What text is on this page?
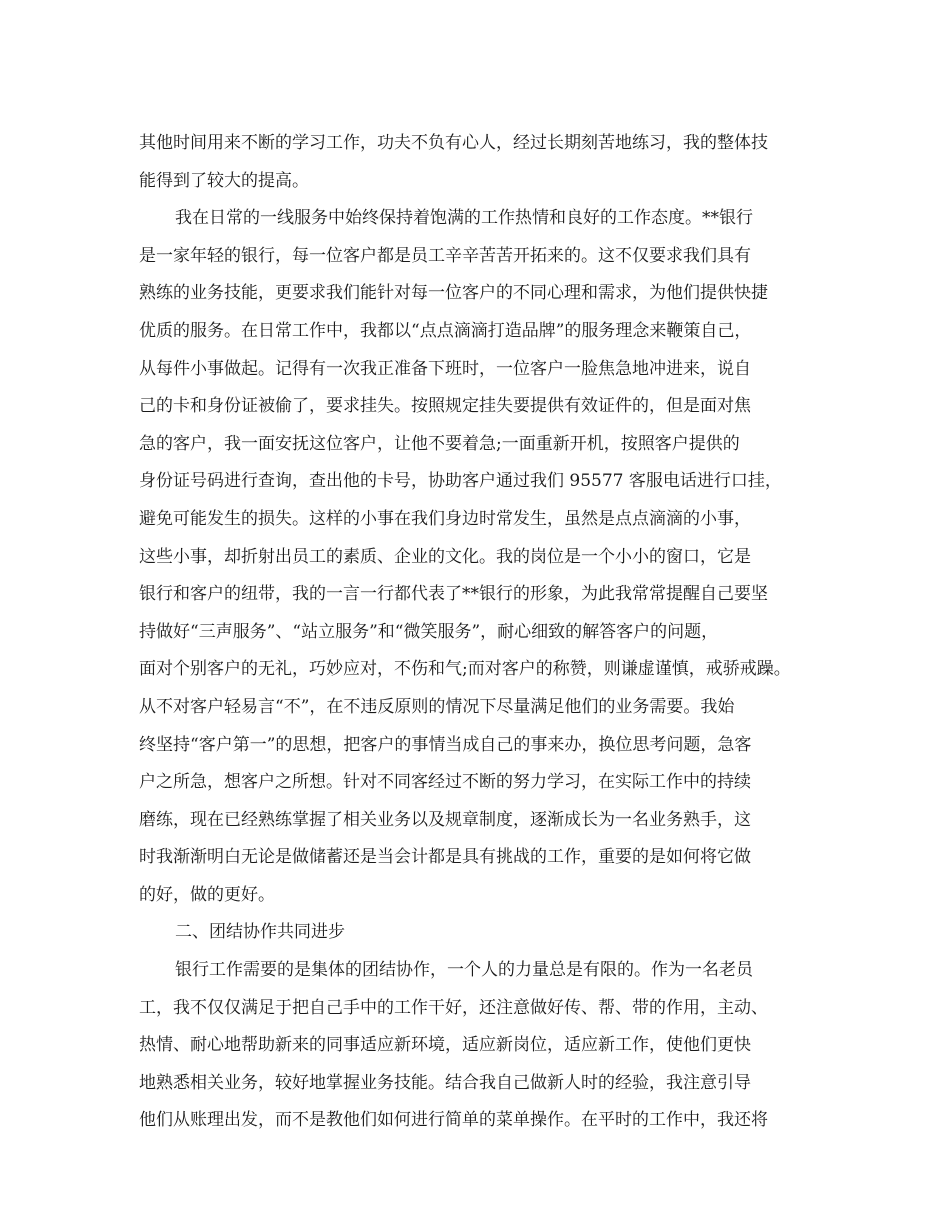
其他时间用来不断的学习工作，功夫不负有心人，经过长期刻苦地练习，我的整体技
能得到了较大的提高。
我在日常的一线服务中始终保持着饱满的工作热情和良好的工作态度。**银行
是一家年轻的银行，每一位客户都是员工辛辛苦苦开拓来的。这不仅要求我们具有
熟练的业务技能，更要求我们能针对每一位客户的不同心理和需求，为他们提供快捷
优质的服务。在日常工作中，我都以“点点滴滴打造品牌”的服务理念来鞭策自己，
从每件小事做起。记得有一次我正准备下班时，一位客户一脸焦急地冲进来，说自
己的卡和身份证被偷了，要求挂失。按照规定挂失要提供有效证件的，但是面对焦
急的客户，我一面安抚这位客户，让他不要着急;一面重新开机，按照客户提供的
身份证号码进行查询，查出他的卡号，协助客户通过我们 95577 客服电话进行口挂，
避免可能发生的损失。这样的小事在我们身边时常发生，虽然是点点滴滴的小事，
这些小事，却折射出员工的素质、企业的文化。我的岗位是一个小小的窗口，它是
银行和客户的纽带，我的一言一行都代表了**银行的形象，为此我常常提醒自己要坚
持做好“三声服务”、“站立服务”和“微笑服务”，耐心细致的解答客户的问题，
面对个别客户的无礼，巧妙应对，不伤和气;而对客户的称赞，则谦虚谨慎，戒骄戒躁。
从不对客户轻易言“不”，在不违反原则的情况下尽量满足他们的业务需要。我始
终坚持“客户第一”的思想，把客户的事情当成自己的事来办，换位思考问题，急客
户之所急，想客户之所想。针对不同客经过不断的努力学习，在实际工作中的持续
磨练，现在已经熟练掌握了相关业务以及规章制度，逐渐成长为一名业务熟手，这
时我渐渐明白无论是做储蓄还是当会计都是具有挑战的工作，重要的是如何将它做
的好，做的更好。
二、团结协作共同进步
银行工作需要的是集体的团结协作，一个人的力量总是有限的。作为一名老员
工，我不仅仅满足于把自己手中的工作干好，还注意做好传、帮、带的作用，主动、
热情、耐心地帮助新来的同事适应新环境，适应新岗位，适应新工作，使他们更快
地熟悉相关业务，较好地掌握业务技能。结合我自己做新人时的经验，我注意引导
他们从账理出发，而不是教他们如何进行简单的菜单操作。在平时的工作中，我还将
